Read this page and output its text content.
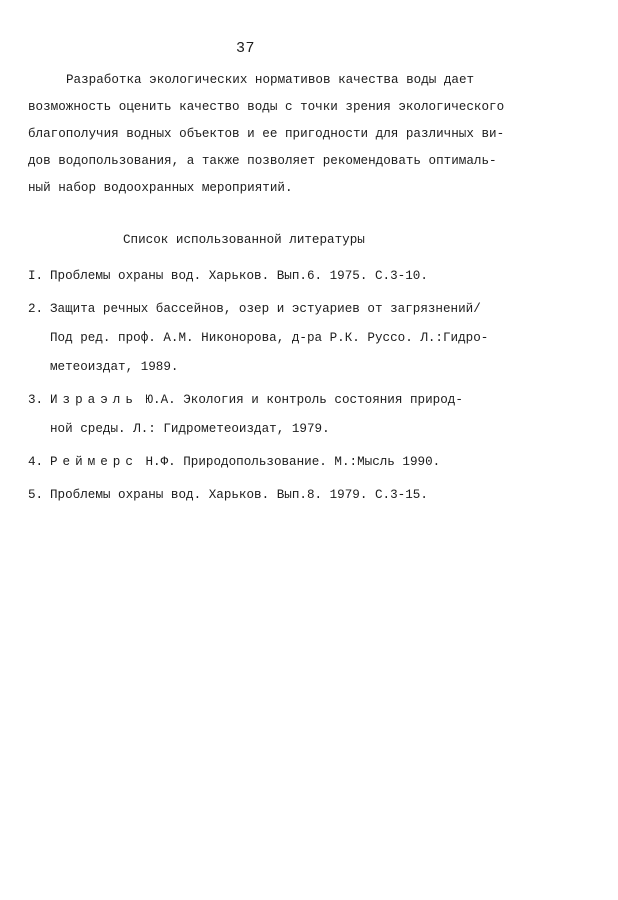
37
Разработка экологических нормативов качества воды дает
возможность оценить качество воды с точки зрения экологического
благополучия водных объектов и ее пригодности для различных ви-
дов водопользования, а также позволяет рекомендовать оптималь-
ный набор водоохранных мероприятий.
Список использованной литературы
I. Проблемы охраны вод. Харьков. Вып.6. 1975. С.3-10.
2. Защита речных бассейнов, озер и эстуариев от загрязнений/
Под ред. проф. А.М. Никонорова, д-ра Р.К. Руссо. Л.:Гидро-
метеоиздат, 1989.
3. Израэль Ю.А. Экология и контроль состояния природ-
ной среды. Л.: Гидрометеоиздат, 1979.
4. Реймерс Н.Ф. Природопользование. М.:Мысль 1990.
5. Проблемы охраны вод. Харьков. Вып.8. 1979. С.3-15.
